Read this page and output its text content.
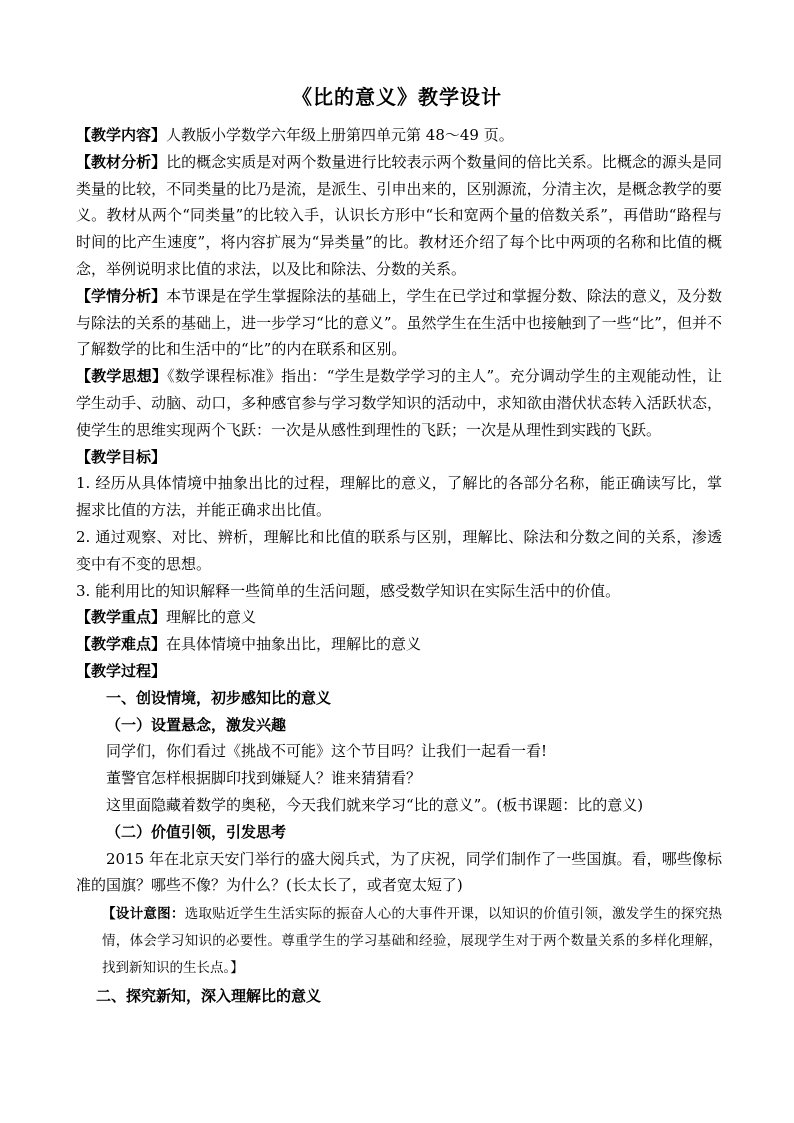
《比的意义》教学设计

【教学内容】人教版小学数学六年级上册第四单元第 48～49 页。

【教材分析】比的概念实质是对两个数量进行比较表示两个数量间的倍比关系。比概念的源头是同类量的比较，不同类量的比乃是流，是派生、引申出来的，区别源流，分清主次，是概念教学的要义。教材从两个“同类量”的比较入手，认识长方形中“长和宽两个量的倍数关系”，再借助“路程与时间的比产生速度”，将内容扩展为“异类量”的比。教材还介绍了每个比中两项的名称和比值的概念，举例说明求比值的求法，以及比和除法、分数的关系。

【学情分析】本节课是在学生掌握除法的基础上，学生在已学过和掌握分数、除法的意义，及分数与除法的关系的基础上，进一步学习“比的意义”。虽然学生在生活中也接触到了一些“比”，但并不了解数学的比和生活中的“比”的内在联系和区别。

【教学思想】《数学课程标准》指出：“学生是数学学习的主人”。充分调动学生的主观能动性，让学生动手、动脑、动口，多种感官参与学习数学知识的活动中，求知欲由潜伏状态转入活跃状态，使学生的思维实现两个飞跃：一次是从感性到理性的飞跃；一次是从理性到实践的飞跃。

【教学目标】

1. 经历从具体情境中抽象出比的过程，理解比的意义，了解比的各部分名称，能正确读写比，掌握求比值的方法，并能正确求出比值。

2. 通过观察、对比、辨析，理解比和比值的联系与区别，理解比、除法和分数之间的关系，渗透变中有不变的思想。

3. 能利用比的知识解释一些简单的生活问题，感受数学知识在实际生活中的价值。

【教学重点】理解比的意义

【教学难点】在具体情境中抽象出比，理解比的意义

【教学过程】

一、创设情境，初步感知比的意义

（一）设置悬念，激发兴趣

同学们，你们看过《挑战不可能》这个节目吗？让我们一起看一看!

董警官怎样根据脚印找到嫌疑人？谁来猜猜看？

这里面隐藏着数学的奥秘，今天我们就来学习“比的意义”。(板书课题：比的意义)

（二）价值引领，引发思考

2015 年在北京天安门举行的盛大阅兵式，为了庆祝，同学们制作了一些国旗。看，哪些像标准的国旗？哪些不像？为什么？(长太长了，或者宽太短了)

【设计意图：选取贴近学生生活实际的振奋人心的大事件开课，以知识的价值引领，激发学生的探究热情，体会学习知识的必要性。尊重学生的学习基础和经验，展现学生对于两个数量关系的多样化理解，找到新知识的生长点。】

二、探究新知，深入理解比的意义
